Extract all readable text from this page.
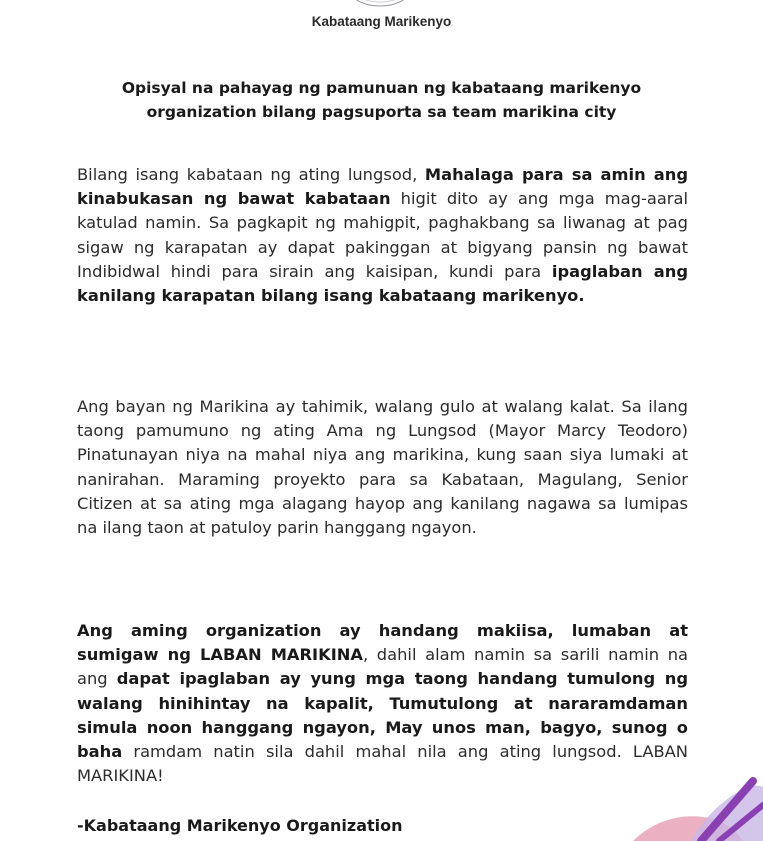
Kabataang Marikenyo
Opisyal na pahayag ng pamunuan ng kabataang marikenyo
organization bilang pagsuporta sa team marikina city

Bilang isang kabataan ng ating lungsod, Mahalaga para sa amin ang kinabukasan ng bawat kabataan higit dito ay ang mga mag-aaral katulad namin. Sa pagkapit ng mahigpit, paghakbang sa liwanag at pag sigaw ng karapatan ay dapat pakinggan at bigyang pansin ng bawat Indibidwal hindi para sirain ang kaisipan, kundi para ipaglaban ang kanilang karapatan bilang isang kabataang marikenyo.

Ang bayan ng Marikina ay tahimik, walang gulo at walang kalat. Sa ilang taong pamumuno ng ating Ama ng Lungsod (Mayor Marcy Teodoro) Pinatunayan niya na mahal niya ang marikina, kung saan siya lumaki at nanirahan. Maraming proyekto para sa Kabataan, Magulang, Senior Citizen at sa ating mga alagang hayop ang kanilang nagawa sa lumipas na ilang taon at patuloy parin hanggang ngayon.

Ang aming organization ay handang makiisa, lumaban at sumigaw ng LABAN MARIKINA, dahil alam namin sa sarili namin na ang dapat ipaglaban ay yung mga taong handang tumulong ng walang hinihintay na kapalit, Tumutulong at nararamdaman simula noon hanggang ngayon, May unos man, bagyo, sunog o baha ramdam natin sila dahil mahal nila ang ating lungsod. LABAN MARIKINA!

-Kabataang Marikenyo Organization
